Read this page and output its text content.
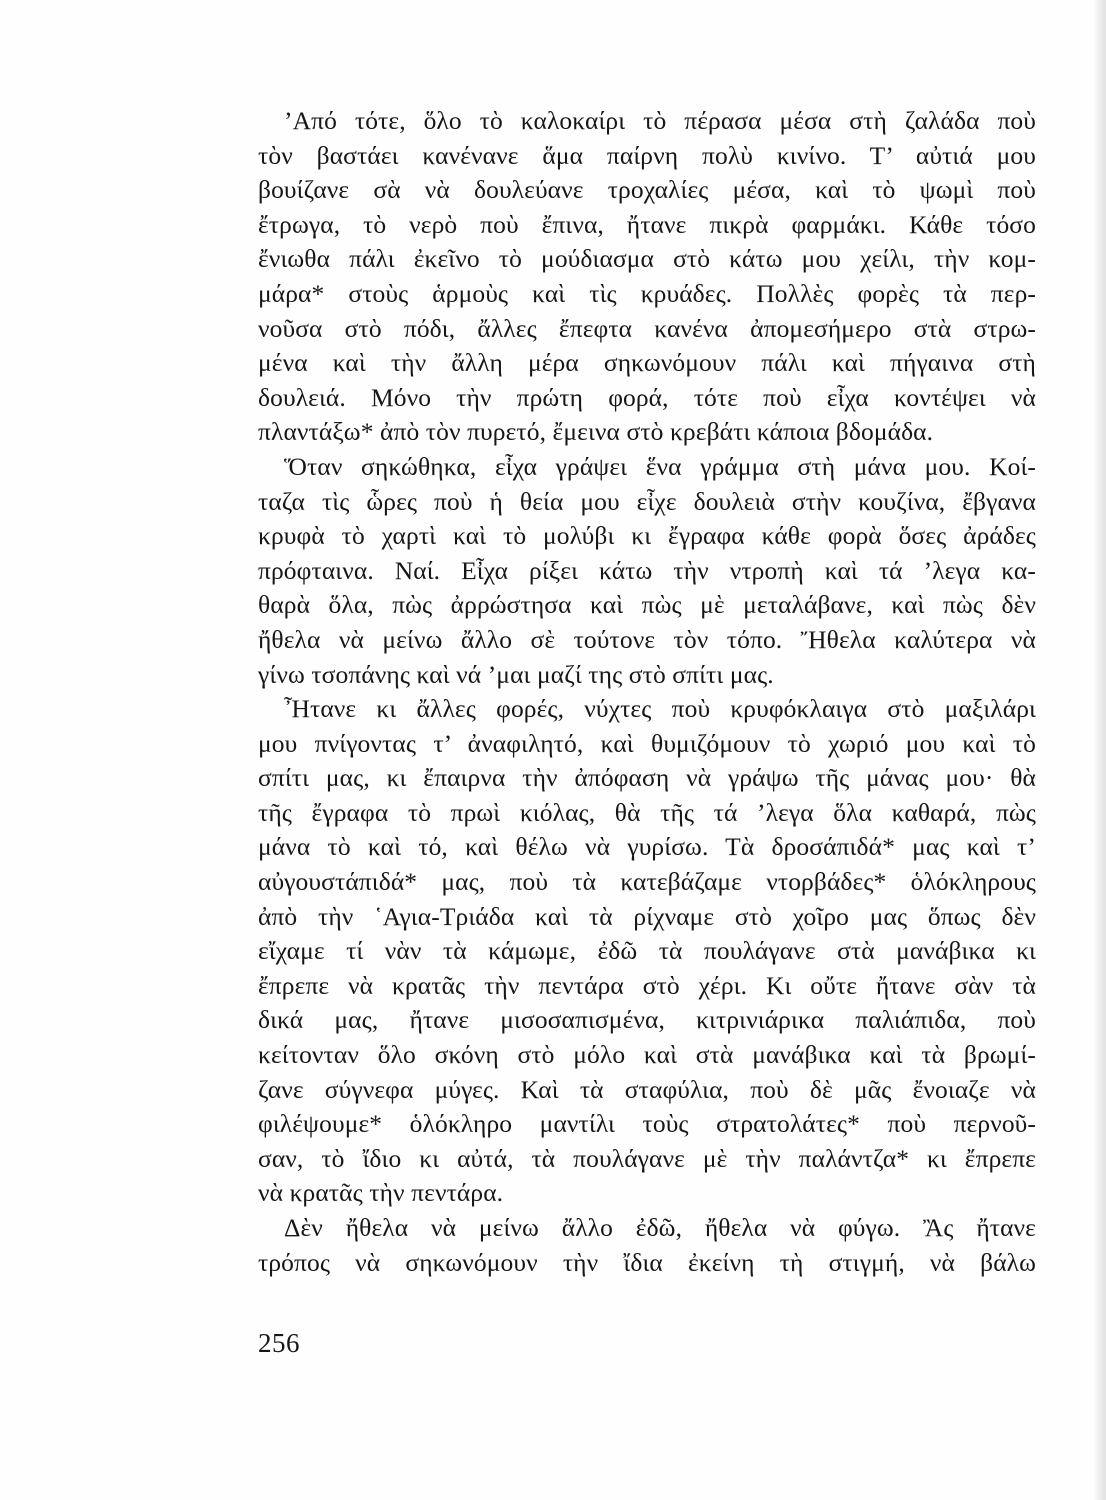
’Από τότε, ὅλο τὸ καλοκαίρι τὸ πέρασα μέσα στὴ ζαλάδα ποὺ
τὸν βαστάει κανένανε ἅμα παίρνη πολὺ κινίνο. Τ’ αὐτιά μου
βουίζανε σὰ νὰ δουλεύανε τροχαλίες μέσα, καὶ τὸ ψωμὶ ποὺ
ἔτρωγα, τὸ νερὸ ποὺ ἔπινα, ἤτανε πικρὰ φαρμάκι. Κάθε τόσο
ἔνιωθα πάλι ἐκεῖνο τὸ μούδιασμα στὸ κάτω μου χείλι, τὴν κομ-
μάρα* στοὺς ἁρμοὺς καὶ τὶς κρυάδες. Πολλὲς φορὲς τὰ περ-
νοῦσα στὸ πόδι, ἄλλες ἔπεφτα κανένα ἀπομεσήμερο στὰ στρω-
μένα καὶ τὴν ἄλλη μέρα σηκωνόμουν πάλι καὶ πήγαινα στὴ
δουλειά. Μόνο τὴν πρώτη φορά, τότε ποὺ εἶχα κοντέψει νὰ
πλαντάξω* ἀπὸ τὸν πυρετό, ἔμεινα στὸ κρεβάτι κάποια βδομάδα.
Ὅταν σηκώθηκα, εἶχα γράψει ἕνα γράμμα στὴ μάνα μου. Κοί-
ταζα τὶς ὧρες ποὺ ἡ θεία μου εἶχε δουλειὰ στὴν κουζίνα, ἔβγανα
κρυφὰ τὸ χαρτὶ καὶ τὸ μολύβι κι ἔγραφα κάθε φορὰ ὅσες ἀράδες
πρόφταινα. Ναί. Εἶχα ρίξει κάτω τὴν ντροπὴ καὶ τά ’λεγα κα-
θαρὰ ὅλα, πὼς ἀρρώστησα καὶ πὼς μὲ μεταλάβανε, καὶ πὼς δὲν
ἤθελα νὰ μείνω ἄλλο σὲ τούτονε τὸν τόπο. Ἤθελα καλύτερα νὰ
γίνω τσοπάνης καὶ νά ’μαι μαζί της στὸ σπίτι μας.
Ἦτανε κι ἄλλες φορές, νύχτες ποὺ κρυφόκλαιγα στὸ μαξιλάρι
μου πνίγοντας τ’ ἀναφιλητό, καὶ θυμιζόμουν τὸ χωριό μου καὶ τὸ
σπίτι μας, κι ἔπαιρνα τὴν ἀπόφαση νὰ γράψω τῆς μάνας μου· θὰ
τῆς ἔγραφα τὸ πρωὶ κιόλας, θὰ τῆς τά ’λεγα ὅλα καθαρά, πὼς
μάνα τὸ καὶ τό, καὶ θέλω νὰ γυρίσω. Τὰ δροσάπιδά* μας καὶ τ’
αὐγουστάπιδά* μας, ποὺ τὰ κατεβάζαμε ντορβάδες* ὁλόκληρους
ἀπὸ τὴν ῾Αγια-Τριάδα καὶ τὰ ρίχναμε στὸ χοῖρο μας ὅπως δὲν
εἴχαμε τί νὰν τὰ κάμωμε, ἐδῶ τὰ πουλάγανε στὰ μανάβικα κι
ἔπρεπε νὰ κρατᾶς τὴν πεντάρα στὸ χέρι. Κι οὔτε ἤτανε σὰν τὰ
δικά μας, ἤτανε μισοσαπισμένα, κιτρινιάρικα παλιάπιδα, ποὺ
κείτονταν ὅλο σκόνη στὸ μόλο καὶ στὰ μανάβικα καὶ τὰ βρωμί-
ζανε σύγνεφα μύγες. Καὶ τὰ σταφύλια, ποὺ δὲ μᾶς ἔνοιαζε νὰ
φιλέψουμε* ὁλόκληρο μαντίλι τοὺς στρατολάτες* ποὺ περνοῦ-
σαν, τὸ ἴδιο κι αὐτά, τὰ πουλάγανε μὲ τὴν παλάντζα* κι ἔπρεπε
νὰ κρατᾶς τὴν πεντάρα.
Δὲν ἤθελα νὰ μείνω ἄλλο ἐδῶ, ἤθελα νὰ φύγω. Ἂς ἤτανε
τρόπος νὰ σηκωνόμουν τὴν ἴδια ἐκείνη τὴ στιγμή, νὰ βάλω
256
